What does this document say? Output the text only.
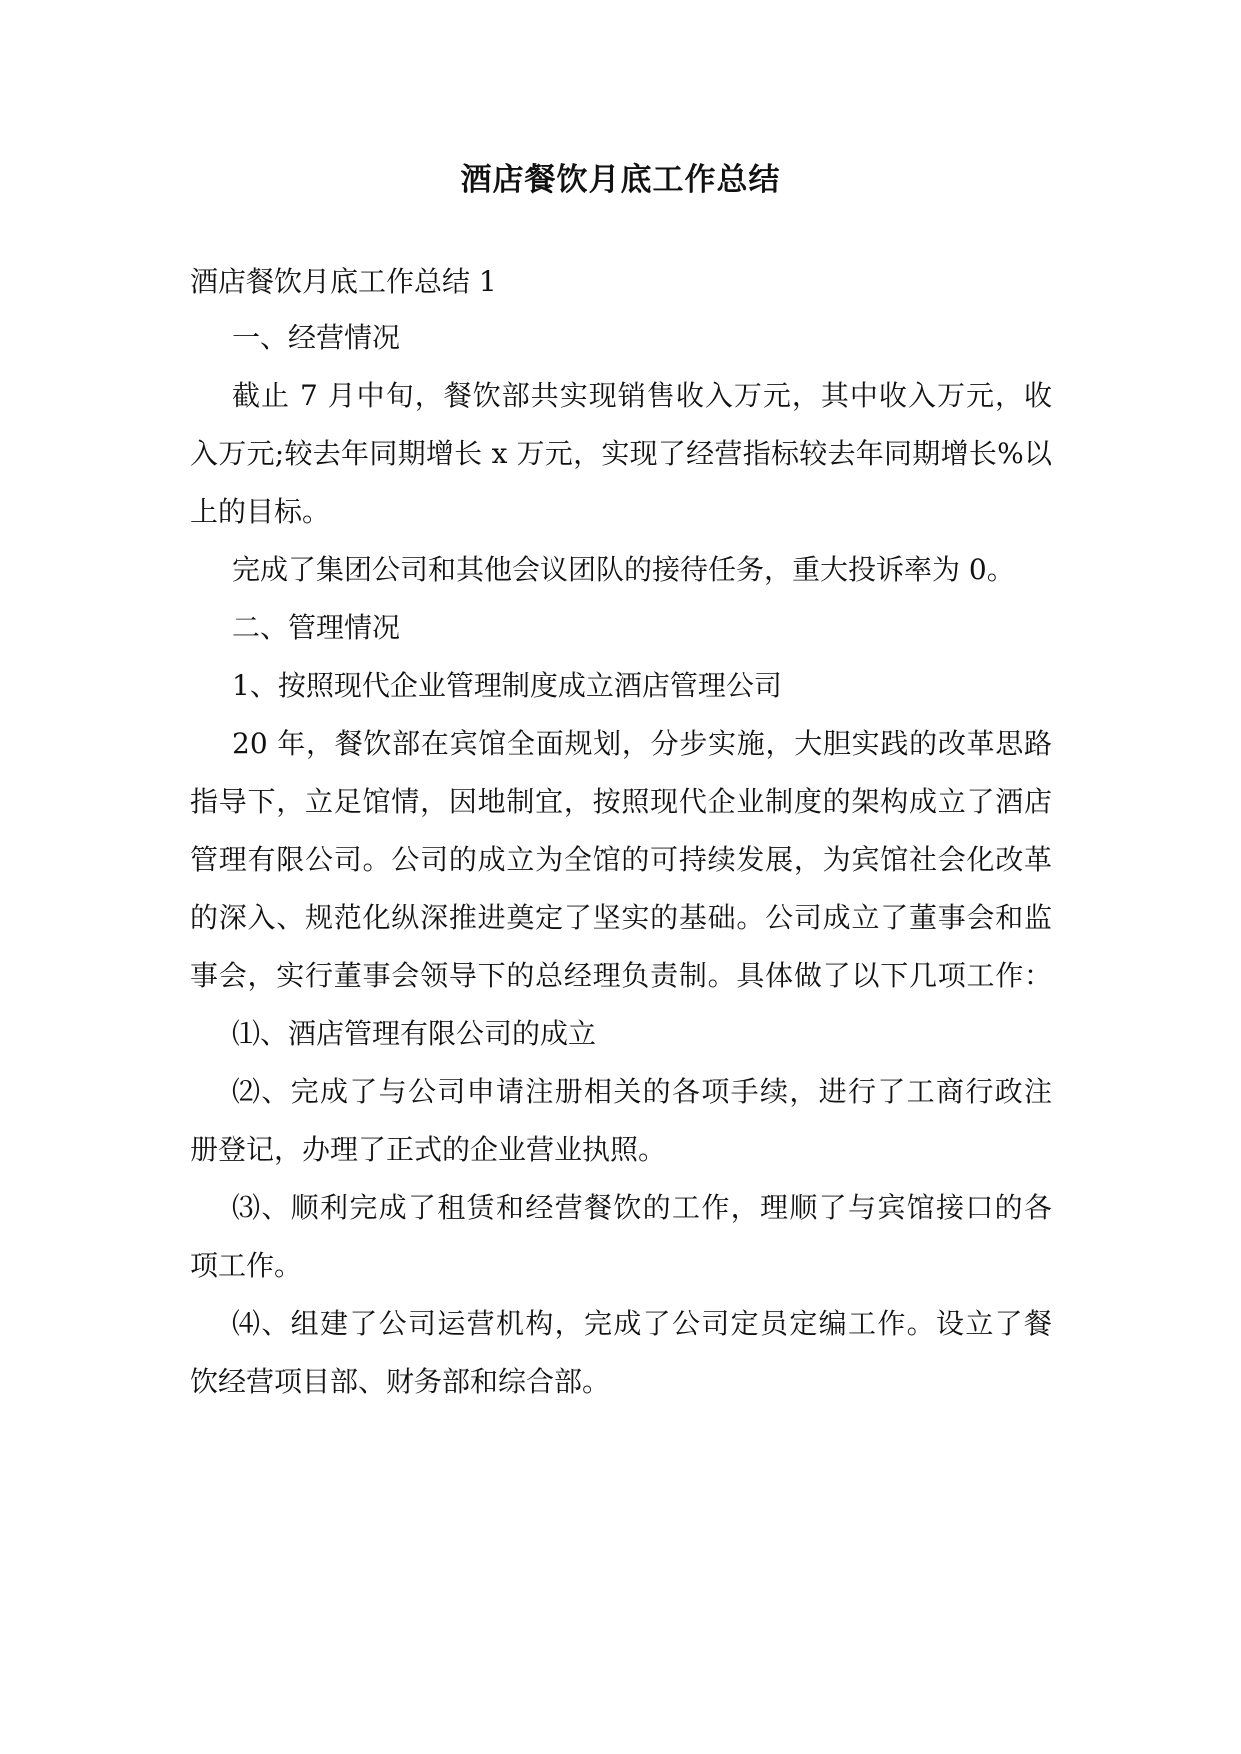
酒店餐饮月底工作总结
酒店餐饮月底工作总结 1
一、经营情况
截止 7 月中旬，餐饮部共实现销售收入万元，其中收入万元，收
入万元;较去年同期增长 x 万元，实现了经营指标较去年同期增长%以
上的目标。
完成了集团公司和其他会议团队的接待任务，重大投诉率为 0。
二、管理情况
1、按照现代企业管理制度成立酒店管理公司
20 年，餐饮部在宾馆全面规划，分步实施，大胆实践的改革思路
指导下，立足馆情，因地制宜，按照现代企业制度的架构成立了酒店
管理有限公司。公司的成立为全馆的可持续发展，为宾馆社会化改革
的深入、规范化纵深推进奠定了坚实的基础。公司成立了董事会和监
事会，实行董事会领导下的总经理负责制。具体做了以下几项工作：
⑴、酒店管理有限公司的成立
⑵、完成了与公司申请注册相关的各项手续，进行了工商行政注
册登记，办理了正式的企业营业执照。
⑶、顺利完成了租赁和经营餐饮的工作，理顺了与宾馆接口的各
项工作。
⑷、组建了公司运营机构，完成了公司定员定编工作。设立了餐
饮经营项目部、财务部和综合部。
